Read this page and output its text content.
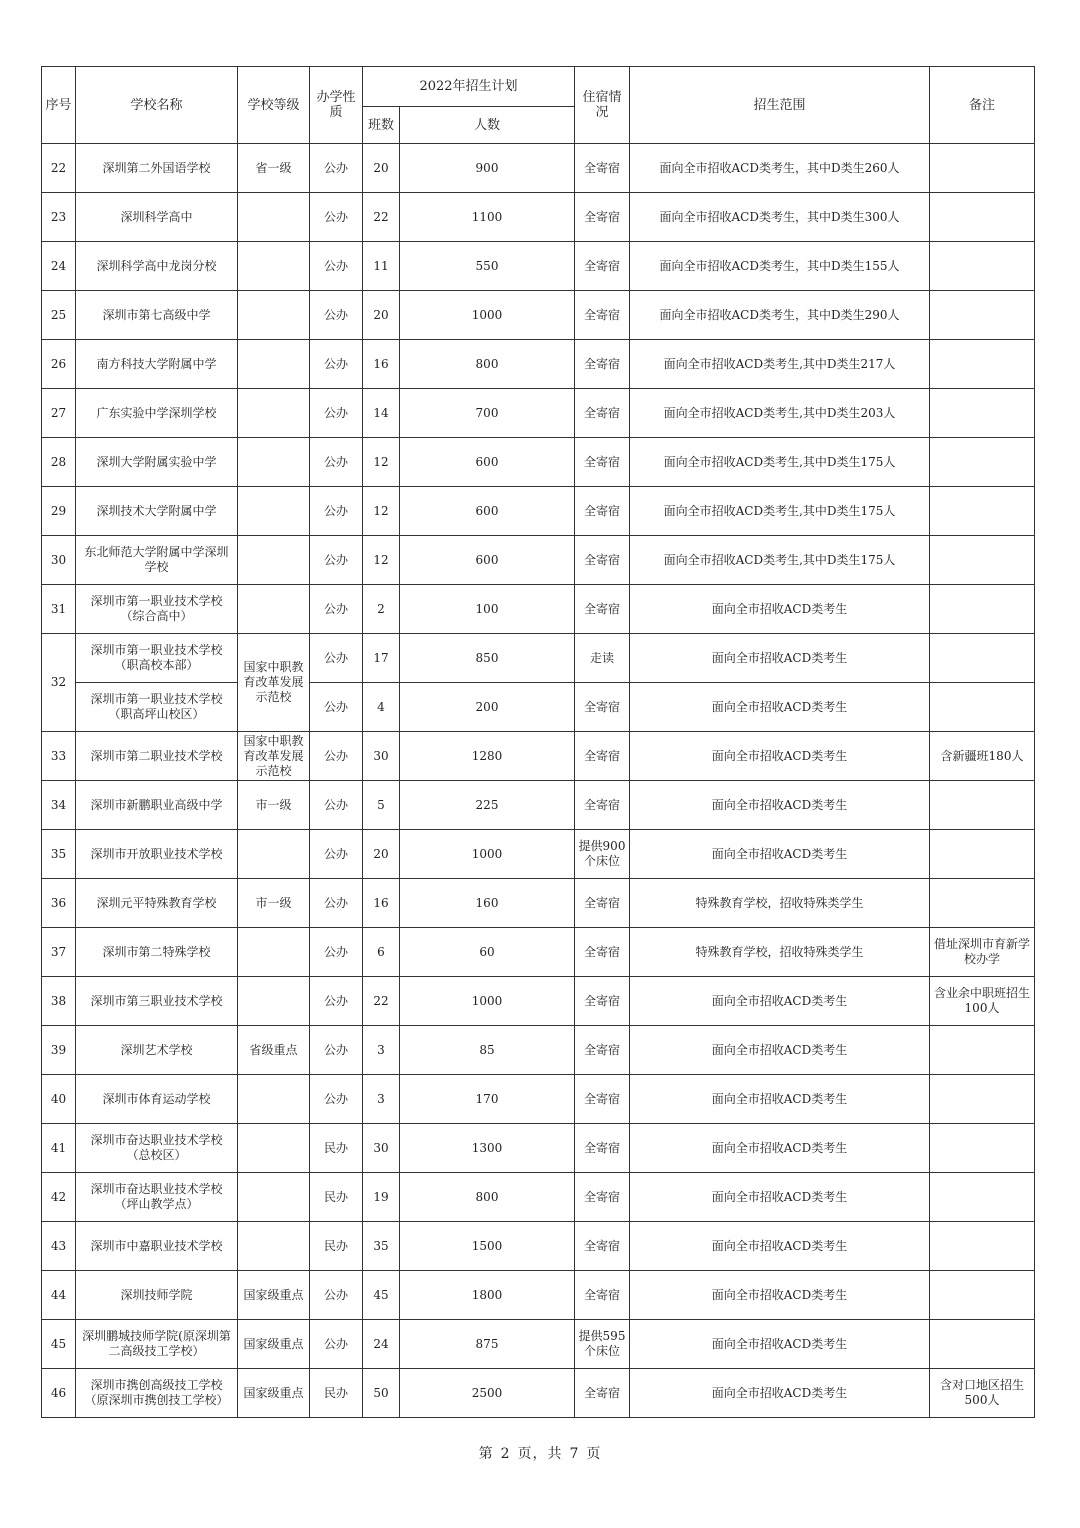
序号	学校名称	学校等级	办学性质	2022年招生计划		住宿情况	招生范围	备注
				班数	人数			
22	深圳第二外国语学校	省一级	公办	20	900	全寄宿	面向全市招收ACD类考生，其中D类生260人	
23	深圳科学高中		公办	22	1100	全寄宿	面向全市招收ACD类考生，其中D类生300人	
24	深圳科学高中龙岗分校		公办	11	550	全寄宿	面向全市招收ACD类考生，其中D类生155人	
25	深圳市第七高级中学		公办	20	1000	全寄宿	面向全市招收ACD类考生，其中D类生290人	
26	南方科技大学附属中学		公办	16	800	全寄宿	面向全市招收ACD类考生,其中D类生217人	
27	广东实验中学深圳学校		公办	14	700	全寄宿	面向全市招收ACD类考生,其中D类生203人	
28	深圳大学附属实验中学		公办	12	600	全寄宿	面向全市招收ACD类考生,其中D类生175人	
29	深圳技术大学附属中学		公办	12	600	全寄宿	面向全市招收ACD类考生,其中D类生175人	
30	东北师范大学附属中学深圳学校		公办	12	600	全寄宿	面向全市招收ACD类考生,其中D类生175人	
31	深圳市第一职业技术学校（综合高中）		公办	2	100	全寄宿	面向全市招收ACD类考生	
32	深圳市第一职业技术学校（职高校本部）	国家中职教育改革发展示范校	公办	17	850	走读	面向全市招收ACD类考生	
	深圳市第一职业技术学校（职高坪山校区）		公办	4	200	全寄宿	面向全市招收ACD类考生	
33	深圳市第二职业技术学校	国家中职教育改革发展示范校	公办	30	1280	全寄宿	面向全市招收ACD类考生	含新疆班180人
34	深圳市新鹏职业高级中学	市一级	公办	5	225	全寄宿	面向全市招收ACD类考生	
35	深圳市开放职业技术学校		公办	20	1000	提供900个床位	面向全市招收ACD类考生	
36	深圳元平特殊教育学校	市一级	公办	16	160	全寄宿	特殊教育学校，招收特殊类学生	
37	深圳市第二特殊学校		公办	6	60	全寄宿	特殊教育学校，招收特殊类学生	借址深圳市育新学校办学
38	深圳市第三职业技术学校		公办	22	1000	全寄宿	面向全市招收ACD类考生	含业余中职班招生100人
39	深圳艺术学校	省级重点	公办	3	85	全寄宿	面向全市招收ACD类考生	
40	深圳市体育运动学校		公办	3	170	全寄宿	面向全市招收ACD类考生	
41	深圳市奋达职业技术学校（总校区）		民办	30	1300	全寄宿	面向全市招收ACD类考生	
42	深圳市奋达职业技术学校（坪山教学点）		民办	19	800	全寄宿	面向全市招收ACD类考生	
43	深圳市中嘉职业技术学校		民办	35	1500	全寄宿	面向全市招收ACD类考生	
44	深圳技师学院	国家级重点	公办	45	1800	全寄宿	面向全市招收ACD类考生	
45	深圳鹏城技师学院(原深圳第二高级技工学校）	国家级重点	公办	24	875	提供595个床位	面向全市招收ACD类考生	
46	深圳市携创高级技工学校（原深圳市携创技工学校）	国家级重点	民办	50	2500	全寄宿	面向全市招收ACD类考生	含对口地区招生500人
第 2 页，共 7 页
